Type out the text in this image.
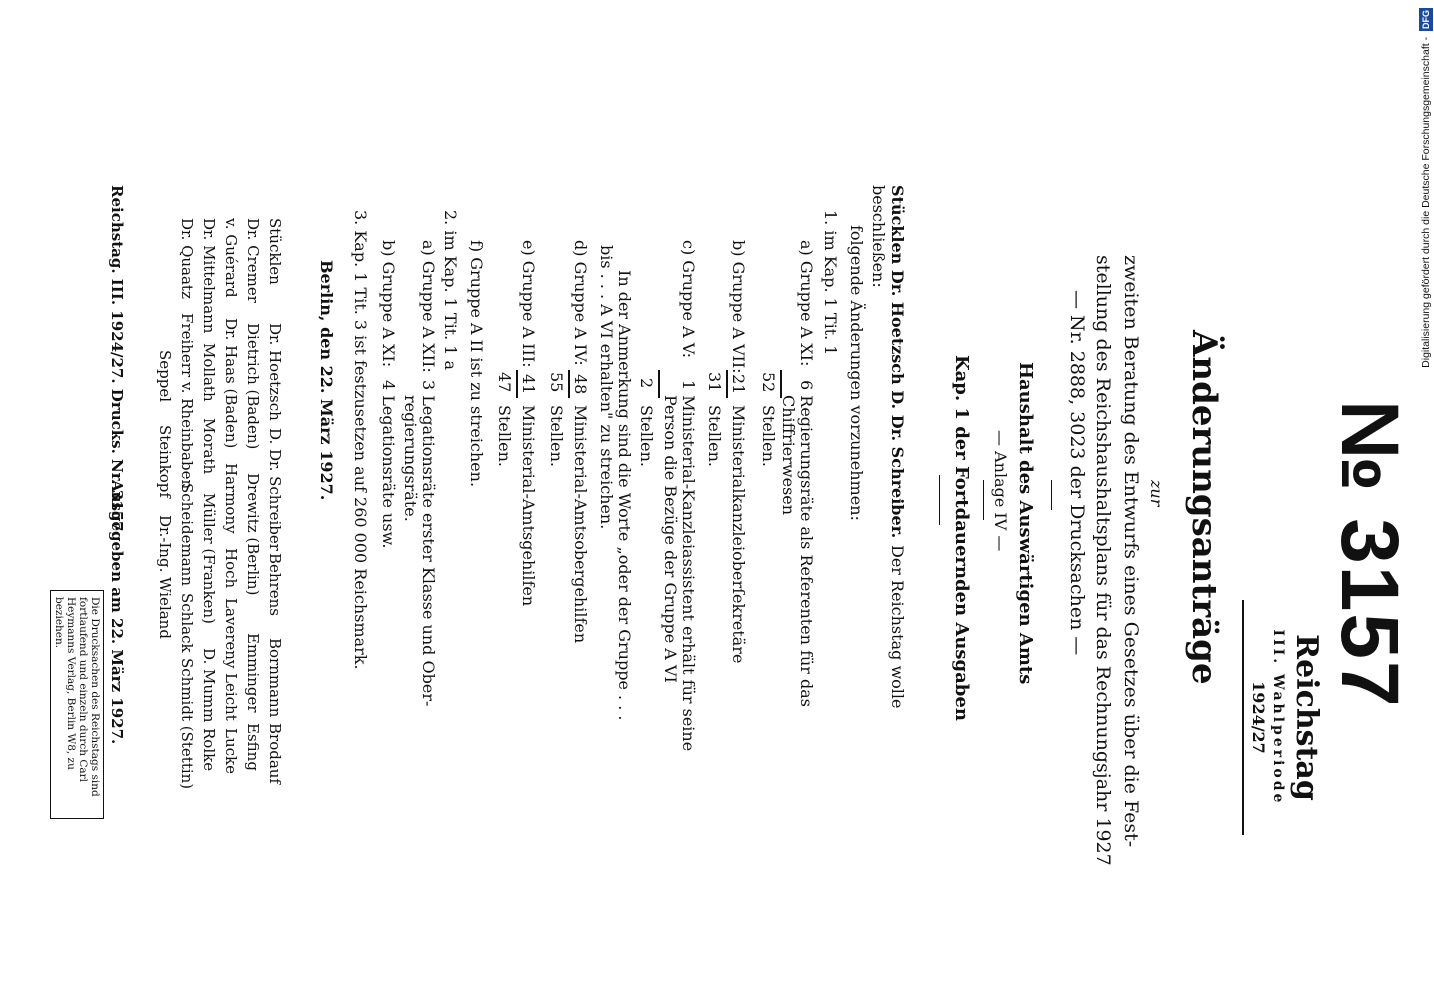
№ 3157
Reichstag
III. Wahlperiode
1924/27
Änderungsanträge
zur
zweiten Beratung des Entwurfs eines Gesetzes über die Fest-
stellung des Reichshaushaltsplans für das Rechnungsjahr 1927
— Nr. 2888, 3023 der Drucksachen —
Haushalt des Auswärtigen Amts
— Anlage IV —
Kap. 1 der Fortdauernden Ausgaben
Stücklen Dr. Hoetzsch D. Dr. Schreiber.
Der Reichstag wolle
beschließen:
folgende Änderungen vorzunehmen:
1. im Kap. 1 Tit. 1
a) Gruppe A XI:
6 Regierungsräte als Referenten für das
Chiffrierwesen
52
Stellen.
b) Gruppe A VII:
21
Ministerialkanzleioberſekretäre
31
Stellen.
c) Gruppe A V:
1 Ministerial-Kanzleiassistent erhält für seine
Person die Bezüge der Gruppe A VI
2
Stellen.
In der Anmerkung sind die Worte „oder der Gruppe . . .
bis . . . A VI erhalten" zu streichen.
d) Gruppe A IV:
48
Ministerial-Amtsobergehilfen
55
Stellen.
e) Gruppe A III:
41
Ministerial-Amtsgehilfen
47
Stellen.
f) Gruppe A II ist zu streichen.
2. im Kap. 1 Tit. 1 a
a) Gruppe A XII:
3 Legationsräte erster Klasse und Ober-
regierungsräte.
b) Gruppe A XI:
4 Legationsräte usw.
3. Kap. 1 Tit. 3 ist festzusetzen auf 260 000 Reichsmark.
Berlin, den 22. März 1927.
Stücklen
Dr. Hoetzsch
D. Dr. Schreiber
Behrens
Bornmann
Brodauf
Dr. Cremer
Dietrich (Baden)
Drewitz (Berlin)
Emminger
Esfing
v. Guérard
Dr. Haas (Baden)
Harmony
Hoch
Lavereny
Leicht
Lucke
Dr. Mittelmann
Mollath
Morath
Müller (Franken)
D. Mumm
Rolke
Dr. Quaatz
Freiherr v. Rheinbaben
Scheidemann
Schlack
Schmidt (Stettin)
Seppel
Steinkopf
Dr.-Ing. Wieland
Reichstag. III. 1924/27. Drucks. Nr. 3157.
Ausgegeben am 22. März 1927.
Die Drucksachen des Reichstags sind fortlaufend und einzeln durch Carl Heymanns Verlag, Berlin W8, zu beziehen.
Digitalisierung gefördert durch die Deutsche Forschungsgemeinschaft - DFG
